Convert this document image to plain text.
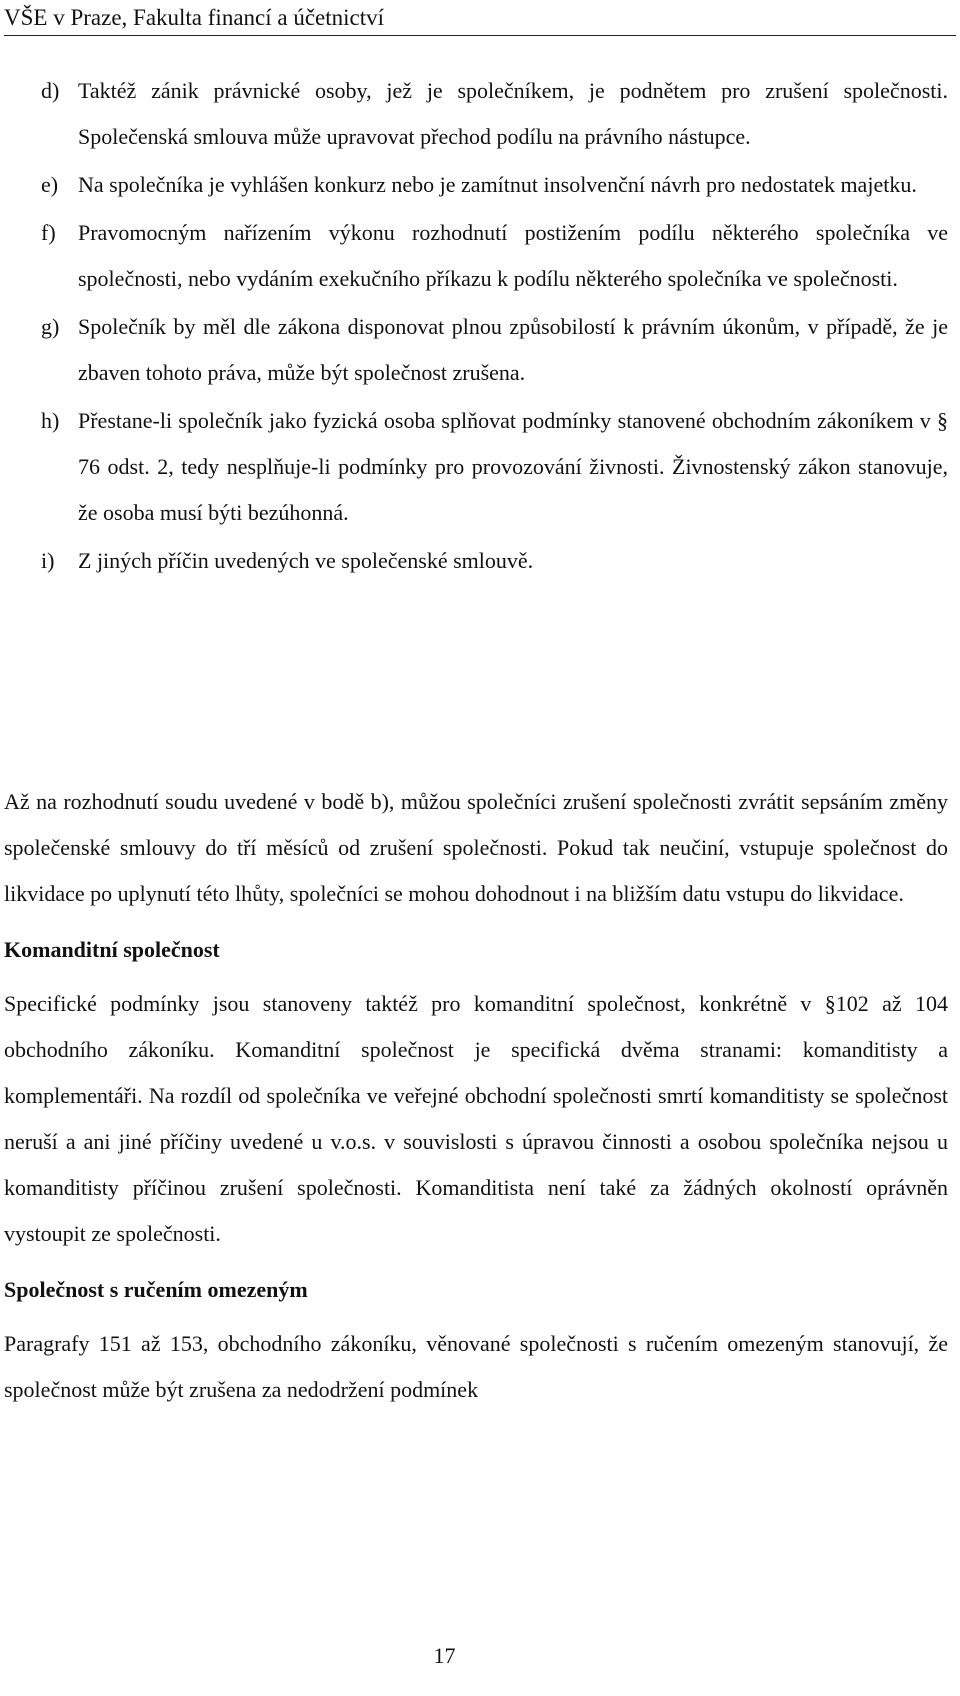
VŠE v Praze, Fakulta financí a účetnictví
d) Taktéž zánik právnické osoby, jež je společníkem, je podnětem pro zrušení společnosti. Společenská smlouva může upravovat přechod podílu na právního nástupce.
e) Na společníka je vyhlášen konkurz nebo je zamítnut insolvenční návrh pro nedostatek majetku.
f)	Pravomocným nařízením výkonu rozhodnutí postižením podílu některého společníka ve společnosti, nebo vydáním exekučního příkazu k podílu některého společníka ve společnosti.
g) Společník by měl dle zákona disponovat plnou způsobilostí k právním úkonům, v případě, že je zbaven tohoto práva, může být společnost zrušena.
h) Přestane-li společník jako fyzická osoba splňovat podmínky stanovené obchodním zákoníkem v § 76 odst. 2, tedy nesplňuje-li podmínky pro provozování živnosti. Živnostenský zákon stanovuje, že osoba musí býti bezúhonná.
i)	Z jiných příčin uvedených ve společenské smlouvě.

Až na rozhodnutí soudu uvedené v bodě b), můžou společníci zrušení společnosti zvrátit sepsáním změny společenské smlouvy do tří měsíců od zrušení společnosti. Pokud tak neučiní, vstupuje společnost do likvidace po uplynutí této lhůty, společníci se mohou dohodnout i na bližším datu vstupu do likvidace.

Komanditní společnost

Specifické podmínky jsou stanoveny taktéž pro komanditní společnost, konkrétně v §102 až 104 obchodního zákoníku. Komanditní společnost je specifická dvěma stranami: komanditisty a komplementáři. Na rozdíl od společníka ve veřejné obchodní společnosti smrtí komanditisty se společnost neruší a ani jiné příčiny uvedené u v.o.s. v souvislosti s úpravou činnosti a osobou společníka nejsou u komanditisty příčinou zrušení společnosti. Komanditista není také za žádných okolností oprávněn vystoupit ze společnosti.

Společnost s ručením omezeným

Paragrafy 151 až 153, obchodního zákoníku, věnované společnosti s ručením omezeným stanovují, že společnost může být zrušena za nedodržení podmínek

17
